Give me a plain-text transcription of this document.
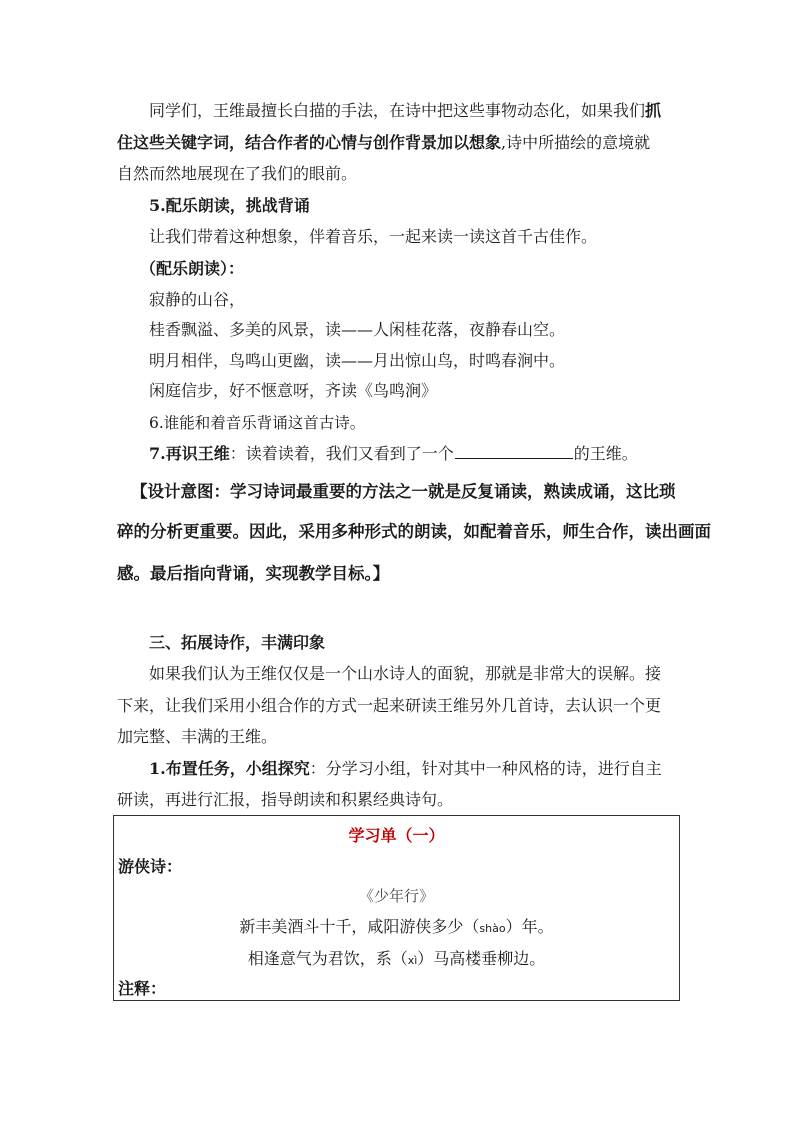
同学们，王维最擅长白描的手法，在诗中把这些事物动态化，如果我们抓
住这些关键字词，结合作者的心情与创作背景加以想象,诗中所描绘的意境就
自然而然地展现在了我们的眼前。
5.配乐朗读，挑战背诵
让我们带着这种想象，伴着音乐，一起来读一读这首千古佳作。
（配乐朗读）：
寂静的山谷，
桂香飘溢、多美的风景，读——人闲桂花落，夜静春山空。
明月相伴，鸟鸣山更幽，读——月出惊山鸟，时鸣春涧中。
闲庭信步，好不惬意呀，齐读《鸟鸣涧》
6.谁能和着音乐背诵这首古诗。
7.再识王维：读着读着，我们又看到了一个	的王维。
【设计意图：学习诗词最重要的方法之一就是反复诵读，熟读成诵，这比琐
碎的分析更重要。因此，采用多种形式的朗读，如配着音乐，师生合作，读出画面
感。最后指向背诵，实现教学目标。】
三、拓展诗作，丰满印象
如果我们认为王维仅仅是一个山水诗人的面貌，那就是非常大的误解。接
下来，让我们采用小组合作的方式一起来研读王维另外几首诗，去认识一个更
加完整、丰满的王维。
1.布置任务，小组探究：分学习小组，针对其中一种风格的诗，进行自主
研读，再进行汇报，指导朗读和积累经典诗句。
学习单（一）
游侠诗：
《少年行》
新丰美酒斗十千，咸阳游侠多少（shào）年。
相逢意气为君饮，系（xì）马高楼垂柳边。
注释：
